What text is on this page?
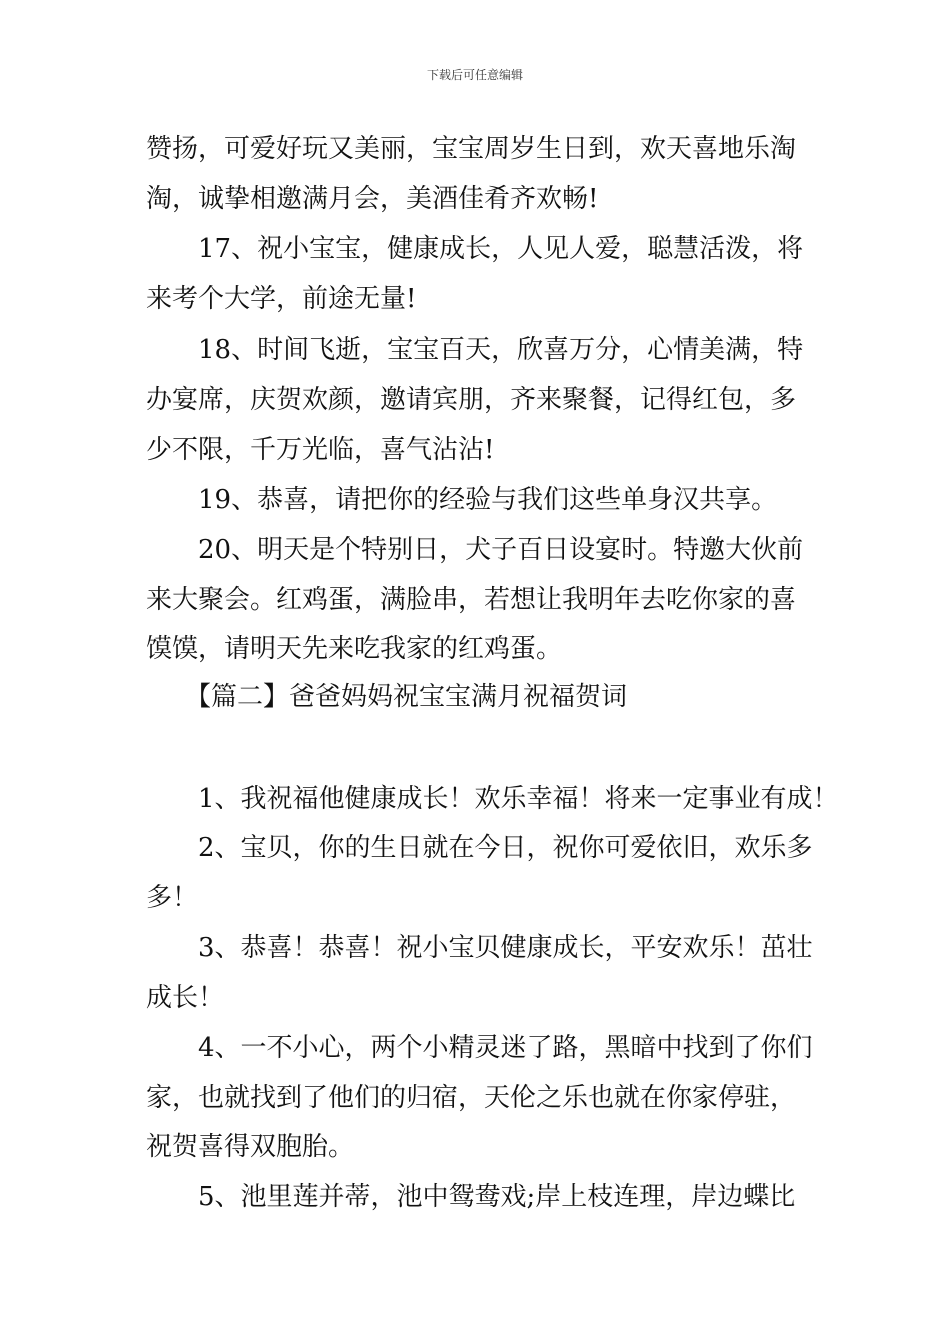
下载后可任意编辑
赞扬，可爱好玩又美丽，宝宝周岁生日到，欢天喜地乐淘
淘，诚挚相邀满月会，美酒佳肴齐欢畅!
17、祝小宝宝，健康成长，人见人爱，聪慧活泼，将
来考个大学，前途无量!
18、时间飞逝，宝宝百天，欣喜万分，心情美满，特
办宴席，庆贺欢颜，邀请宾朋，齐来聚餐，记得红包，多
少不限，千万光临，喜气沾沾!
19、恭喜，请把你的经验与我们这些单身汉共享。
20、明天是个特别日，犬子百日设宴时。特邀大伙前
来大聚会。红鸡蛋，满脸串，若想让我明年去吃你家的喜
馍馍，请明天先来吃我家的红鸡蛋。
【篇二】爸爸妈妈祝宝宝满月祝福贺词
1、我祝福他健康成长！欢乐幸福！将来一定事业有成！
2、宝贝，你的生日就在今日，祝你可爱依旧，欢乐多
多！
3、恭喜！恭喜！祝小宝贝健康成长，平安欢乐！茁壮
成长！
4、一不小心，两个小精灵迷了路，黑暗中找到了你们
家，也就找到了他们的归宿，天伦之乐也就在你家停驻，
祝贺喜得双胞胎。
5、池里莲并蒂，池中鸳鸯戏;岸上枝连理，岸边蝶比
